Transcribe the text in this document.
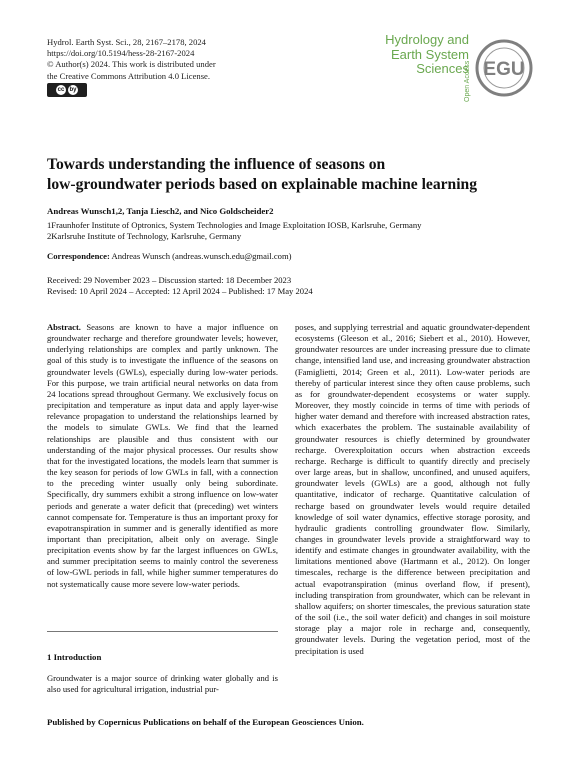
Hydrol. Earth Syst. Sci., 28, 2167–2178, 2024
https://doi.org/10.5194/hess-28-2167-2024
© Author(s) 2024. This work is distributed under
the Creative Commons Attribution 4.0 License.
cc by
Hydrology and
Earth System
Sciences
Open Access EGU
Towards understanding the influence of seasons on
low-groundwater periods based on explainable machine learning
Andreas Wunsch1,2, Tanja Liesch2, and Nico Goldscheider2
1Fraunhofer Institute of Optronics, System Technologies and Image Exploitation IOSB, Karlsruhe, Germany
2Karlsruhe Institute of Technology, Karlsruhe, Germany
Correspondence: Andreas Wunsch (andreas.wunsch.edu@gmail.com)
Received: 29 November 2023 – Discussion started: 18 December 2023
Revised: 10 April 2024 – Accepted: 12 April 2024 – Published: 17 May 2024

Abstract. Seasons are known to have a major influence on groundwater recharge and therefore groundwater levels; however, underlying relationships are complex and partly unknown. The goal of this study is to investigate the influence of the seasons on groundwater levels (GWLs), especially during low-water periods. For this purpose, we train artificial neural networks on data from 24 locations spread throughout Germany. We exclusively focus on precipitation and temperature as input data and apply layer-wise relevance propagation to understand the relationships learned by the models to simulate GWLs. We find that the learned relationships are plausible and thus consistent with our understanding of the major physical processes. Our results show that for the investigated locations, the models learn that summer is the key season for periods of low GWLs in fall, with a connection to the preceding winter usually only being subordinate. Specifically, dry summers exhibit a strong influence on low-water periods and generate a water deficit that (preceding) wet winters cannot compensate for. Temperature is thus an important proxy for evapotranspiration in summer and is generally identified as more important than precipitation, albeit only on average. Single precipitation events show by far the largest influences on GWLs, and summer precipitation seems to mainly control the severeness of low-GWL periods in fall, while higher summer temperatures do not systematically cause more severe low-water periods.

1 Introduction

Groundwater is a major source of drinking water globally and is also used for agricultural irrigation, industrial pur-

poses, and supplying terrestrial and aquatic groundwater-dependent ecosystems (Gleeson et al., 2016; Siebert et al., 2010). However, groundwater resources are under increasing pressure due to climate change, intensified land use, and increasing groundwater abstraction (Famiglietti, 2014; Green et al., 2011). Low-water periods are thereby of particular interest since they often cause problems, such as for groundwater-dependent ecosystems or water supply. Moreover, they mostly coincide in terms of time with periods of higher water demand and therefore with increased abstraction rates, which exacerbates the problem. The sustainable availability of groundwater resources is chiefly determined by groundwater recharge. Overexploitation occurs when abstraction exceeds recharge. Recharge is difficult to quantify directly and precisely over large areas, but in shallow, unconfined, and unused aquifers, groundwater levels (GWLs) are a good, although not fully quantitative, indicator of recharge. Quantitative calculation of recharge based on groundwater levels would require detailed knowledge of soil water dynamics, effective storage porosity, and hydraulic gradients controlling groundwater flow. Similarly, changes in groundwater levels provide a straightforward way to identify and estimate changes in groundwater availability, with the limitations mentioned above (Hartmann et al., 2012). On longer timescales, recharge is the difference between precipitation and actual evapotranspiration (minus overland flow, if present), including transpiration from groundwater, which can be relevant in shallow aquifers; on shorter timescales, the previous saturation state of the soil (i.e., the soil water deficit) and changes in soil moisture storage play a major role in recharge and, consequently, groundwater levels. During the vegetation period, most of the precipitation is used

Published by Copernicus Publications on behalf of the European Geosciences Union.
